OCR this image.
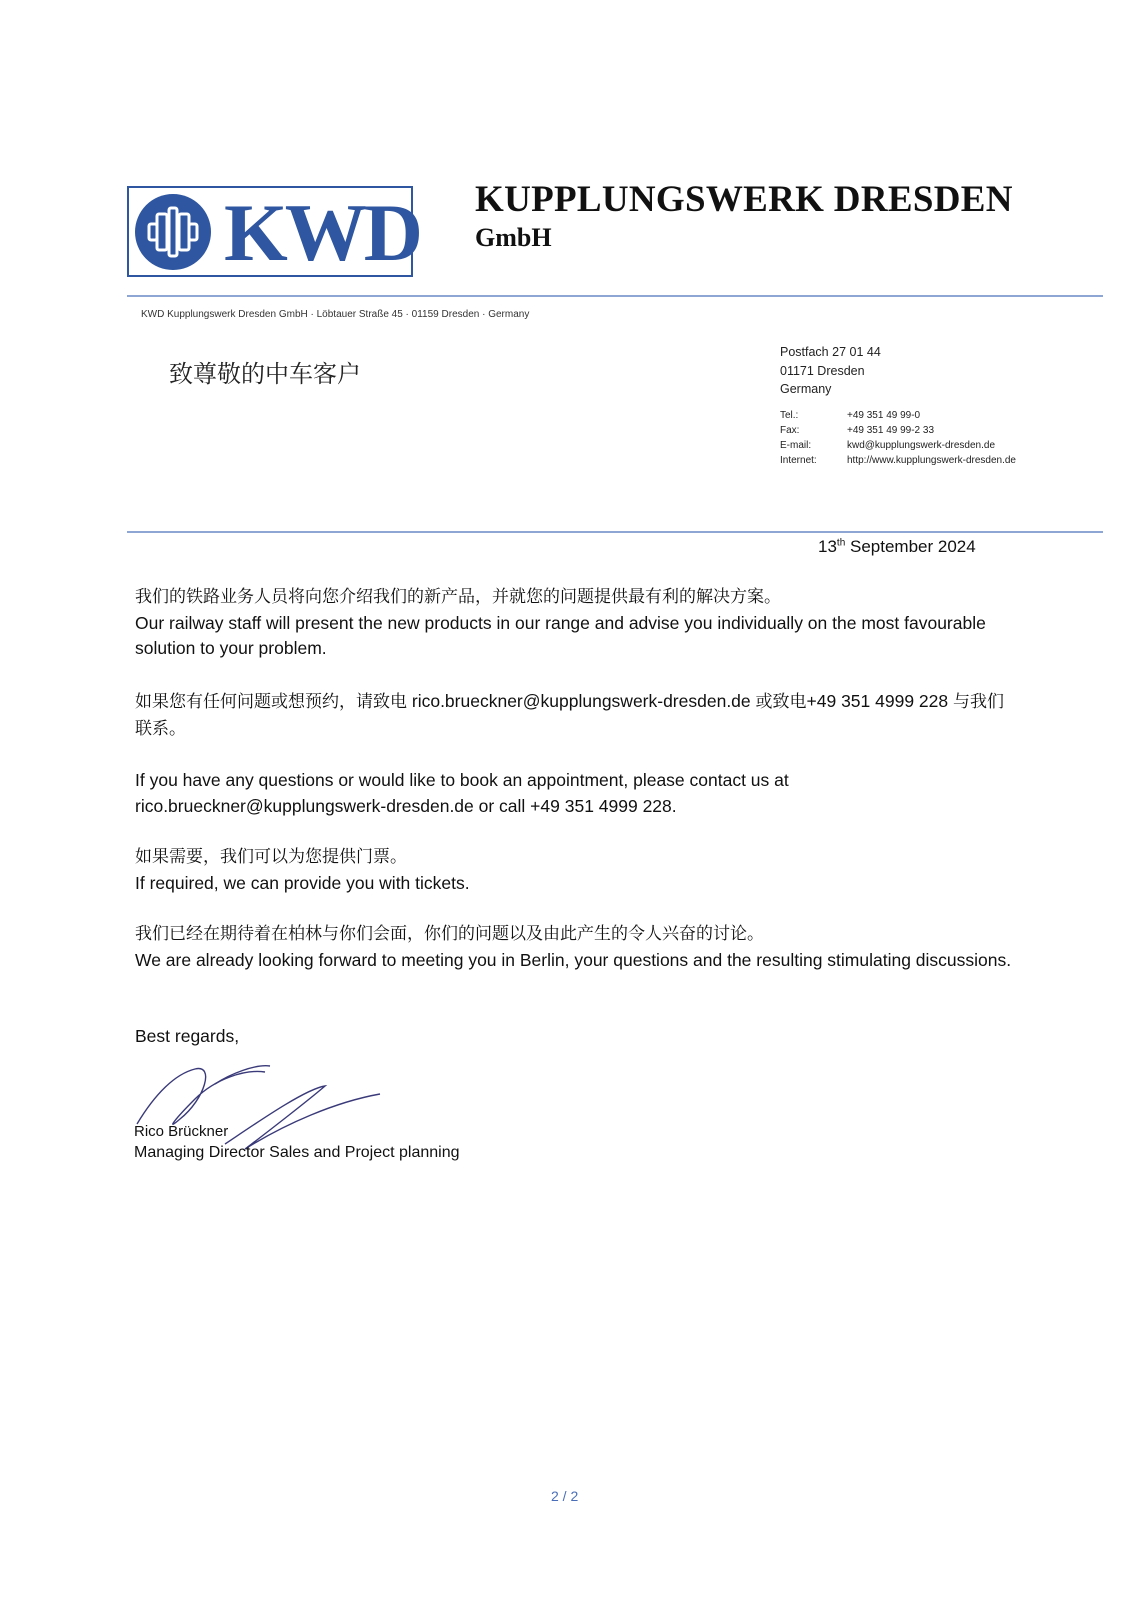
KWD KUPPLUNGSWERK DRESDEN
GmbH
KWD Kupplungswerk Dresden GmbH · Löbtauer Straße 45 · 01159 Dresden · Germany
致尊敬的中车客户
Postfach 27 01 44
01171 Dresden
Germany
Tel.:	+49 351 49 99-0
Fax:	+49 351 49 99-2 33
E-mail:	kwd@kupplungswerk-dresden.de
Internet:	http://www.kupplungswerk-dresden.de
13th September 2024

我们的铁路业务人员将向您介绍我们的新产品，并就您的问题提供最有利的解决方案。

Our railway staff will present the new products in our range and advise you individually on the most favourable solution to your problem.

如果您有任何问题或想预约，请致电 rico.brueckner@kupplungswerk-dresden.de 或致电+49 351 4999 228 与我们联系。

If you have any questions or would like to book an appointment, please contact us at rico.brueckner@kupplungswerk-dresden.de or call +49 351 4999 228.

如果需要，我们可以为您提供门票。

If required, we can provide you with tickets.

我们已经在期待着在柏林与你们会面，你们的问题以及由此产生的令人兴奋的讨论。

We are already looking forward to meeting you in Berlin, your questions and the resulting stimulating discussions.

Best regards,
Rico Brückner
Managing Director Sales and Project planning
2 / 2
